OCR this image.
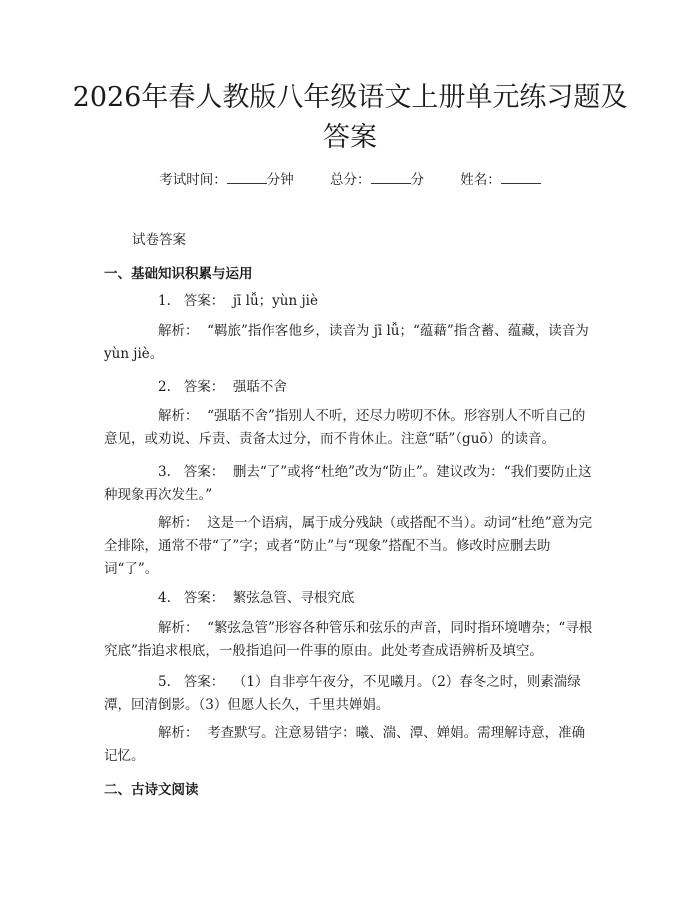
2026年春人教版八年级语文上册单元练习题及答案
考试时间：	分钟	总分：	分	姓名：
试卷答案
一、基础知识积累与运用
1. 答案： jī lǚ；yùn jiè
解析： “羁旅”指作客他乡，读音为 jī lǚ；“蕴藉”指含蓄、蕴藏，读音为 yùn jiè。
2. 答案： 强聒不舍
解析： “强聒不舍”指别人不听，还尽力唠叨不休。形容别人不听自己的意见，或劝说、斥责、责备太过分，而不肯休止。注意“聒”（guō）的读音。
3. 答案： 删去“了”或将“杜绝”改为“防止”。建议改为：“我们要防止这种现象再次发生。”
解析： 这是一个语病，属于成分残缺（或搭配不当）。动词“杜绝”意为完全排除，通常不带“了”字；或者“防止”与“现象”搭配不当。修改时应删去助词“了”。
4. 答案： 繁弦急管、寻根究底
解析： “繁弦急管”形容各种管乐和弦乐的声音，同时指环境嘈杂；“寻根究底”指追求根底，一般指追问一件事的原由。此处考查成语辨析及填空。
5. 答案： （1）自非亭午夜分，不见曦月。（2）春冬之时，则素湍绿潭，回清倒影。（3）但愿人长久，千里共婵娟。
解析： 考查默写。注意易错字：曦、湍、潭、婵娟。需理解诗意，准确记忆。
二、古诗文阅读
